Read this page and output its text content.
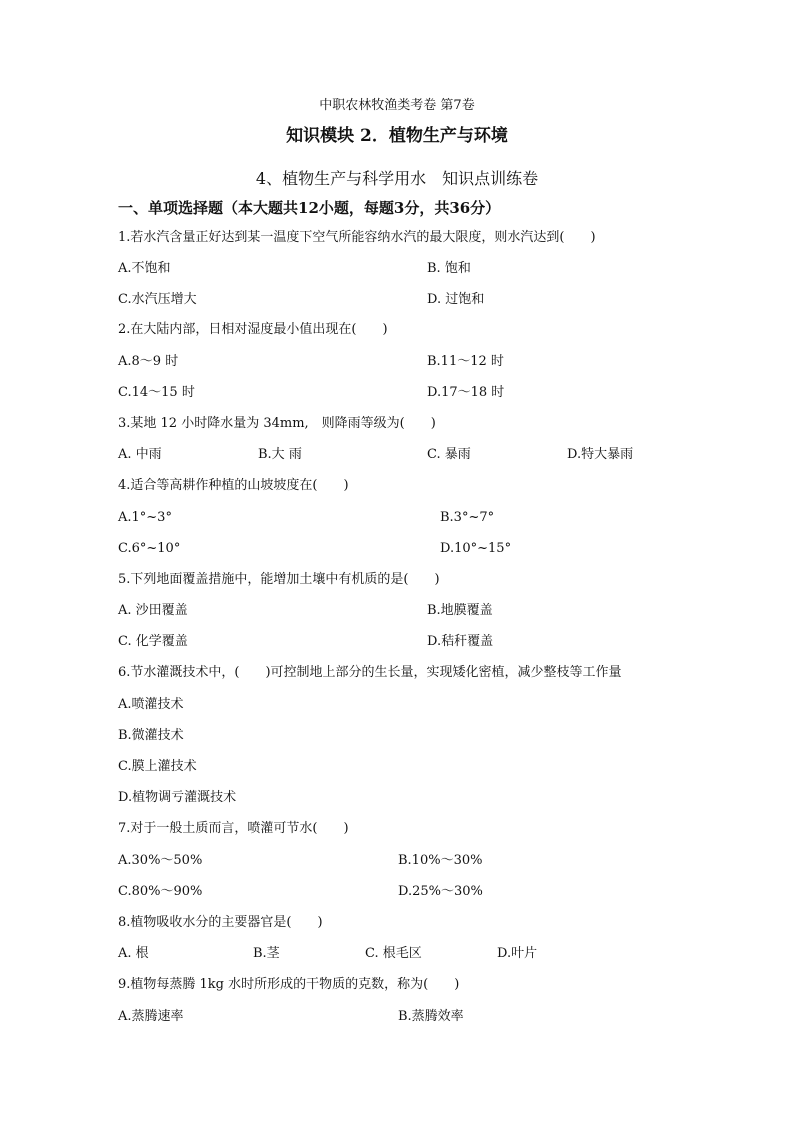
中职农林牧渔类考卷 第7卷
知识模块 2．植物生产与环境
4、植物生产与科学用水　知识点训练卷
一、单项选择题（本大题共12小题，每题3分，共36分）
1.若水汽含量正好达到某一温度下空气所能容纳水汽的最大限度，则水汽达到(　　)
A.不饱和	B. 饱和
C.水汽压增大	D. 过饱和
2.在大陆内部，日相对湿度最小值出现在(　　)
A.8～9 时	B.11～12 时
C.14～15 时	D.17～18 时
3.某地 12 小时降水量为 34mm,　则降雨等级为(　　)
A. 中雨	B.大 雨	C. 暴雨	D.特大暴雨
4.适合等高耕作种植的山坡坡度在(　　)
A.1°~3°	B.3°~7°
C.6°~10°	D.10°~15°
5.下列地面覆盖措施中，能增加土壤中有机质的是(　　)
A. 沙田覆盖	B.地膜覆盖
C. 化学覆盖	D.秸秆覆盖
6.节水灌溉技术中，(　　)可控制地上部分的生长量，实现矮化密植，减少整枝等工作量
A.喷灌技术
B.微灌技术
C.膜上灌技术
D.植物调亏灌溉技术
7.对于一般土质而言，喷灌可节水(　　)
A.30%～50%	B.10%～30%
C.80%～90%	D.25%～30%
8.植物吸收水分的主要器官是(　　)
A. 根	B.茎	C. 根毛区	D.叶片
9.植物每蒸腾 1kg 水时所形成的干物质的克数，称为(　　)
A.蒸腾速率	B.蒸腾效率
